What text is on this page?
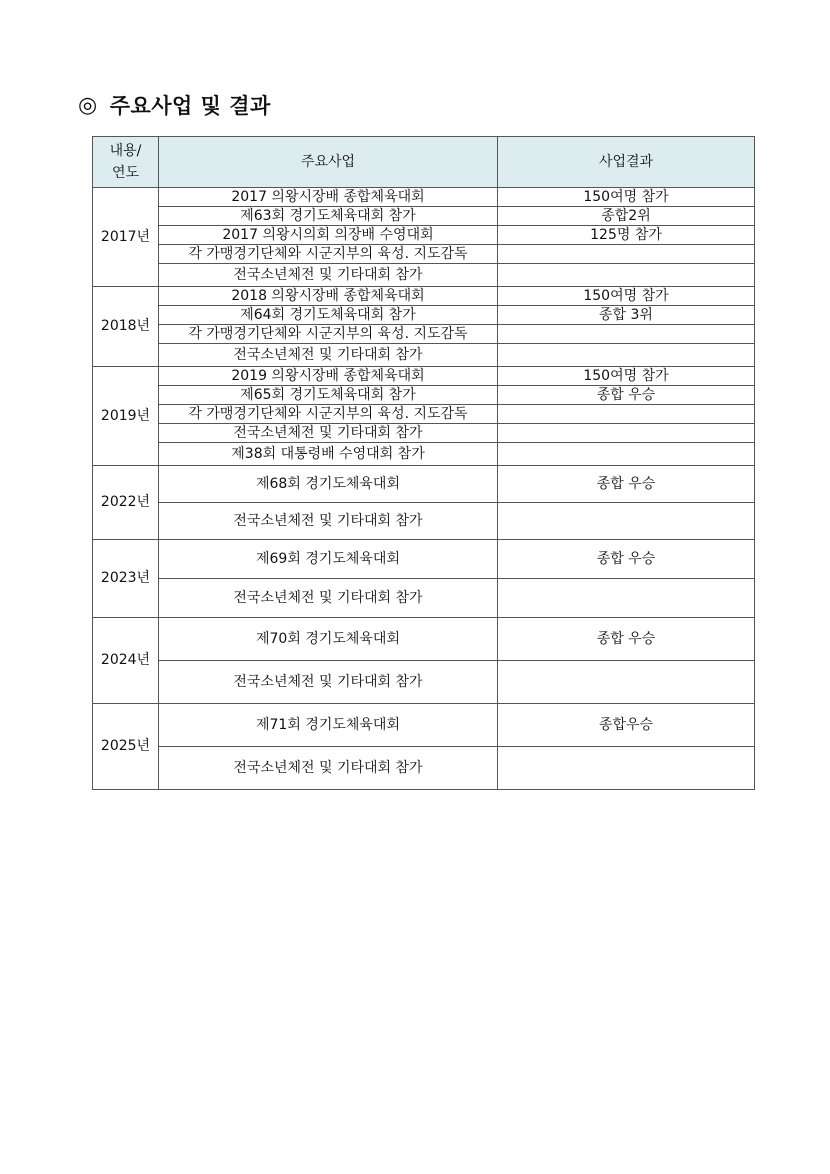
◎ 주요사업 및 결과
내용/
연도	주요사업	사업결과
2017년	2017 의왕시장배 종합체육대회	150여명 참가
	제63회 경기도체육대회 참가	종합2위
	2017 의왕시의회 의장배 수영대회	125명 참가
	각 가맹경기단체와 시군지부의 육성. 지도감독	
	전국소년체전 및 기타대회 참가	
2018년	2018 의왕시장배 종합체육대회	150여명 참가
	제64회 경기도체육대회 참가	종합 3위
	각 가맹경기단체와 시군지부의 육성. 지도감독	
	전국소년체전 및 기타대회 참가	
2019년	2019 의왕시장배 종합체육대회	150여명 참가
	제65회 경기도체육대회 참가	종합 우승
	각 가맹경기단체와 시군지부의 육성. 지도감독	
	전국소년체전 및 기타대회 참가	
	제38회 대통령배 수영대회 참가	
2022년	제68회 경기도체육대회	종합 우승
	전국소년체전 및 기타대회 참가	
2023년	제69회 경기도체육대회	종합 우승
	전국소년체전 및 기타대회 참가	
2024년	제70회 경기도체육대회	종합 우승
	전국소년체전 및 기타대회 참가	
2025년	제71회 경기도체육대회	종합우승
	전국소년체전 및 기타대회 참가	
